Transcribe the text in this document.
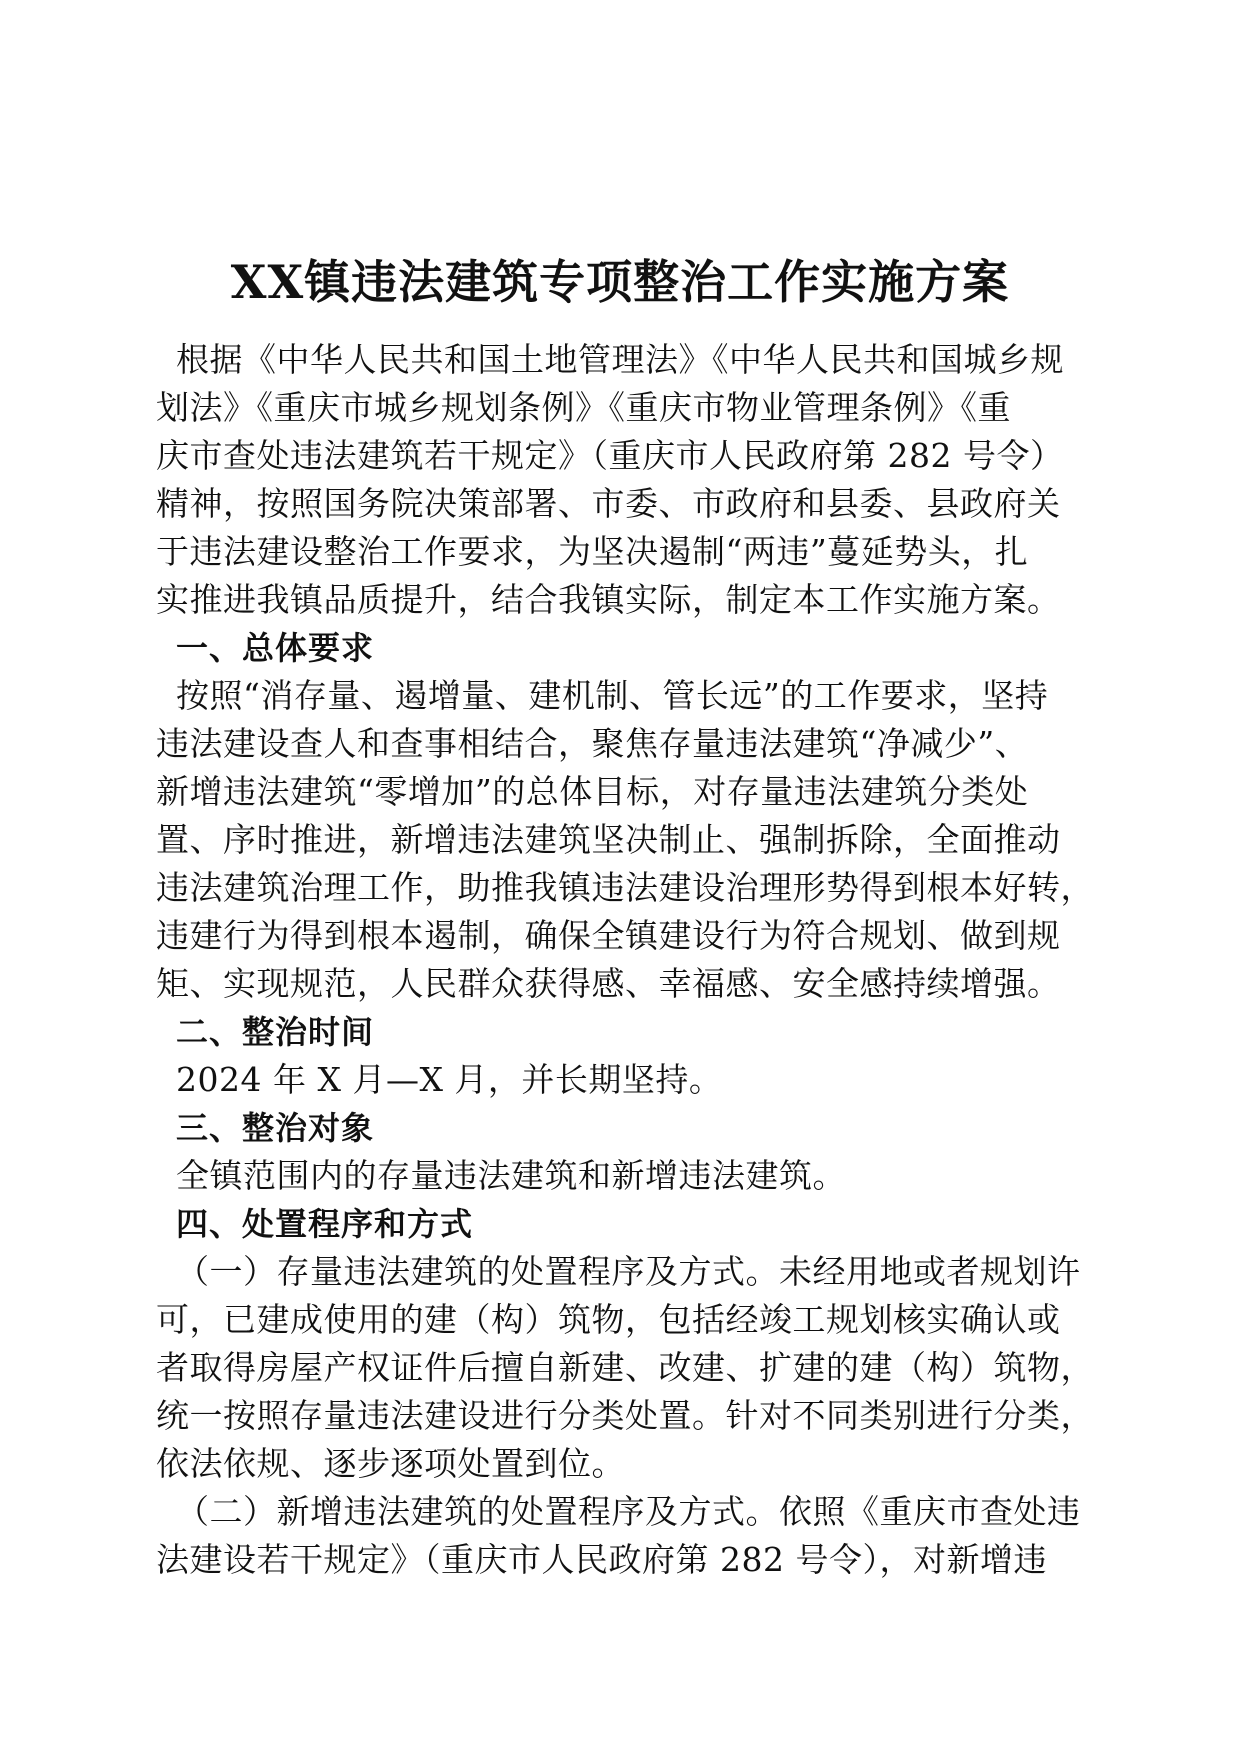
XX镇违法建筑专项整治工作实施方案
根据《中华人民共和国土地管理法》《中华人民共和国城乡规
划法》《重庆市城乡规划条例》《重庆市物业管理条例》《重
庆市查处违法建筑若干规定》（重庆市人民政府第 282 号令）
精神，按照国务院决策部署、市委、市政府和县委、县政府关
于违法建设整治工作要求，为坚决遏制“两违”蔓延势头，扎
实推进我镇品质提升，结合我镇实际，制定本工作实施方案。
一、总体要求
按照“消存量、遏增量、建机制、管长远”的工作要求，坚持
违法建设查人和查事相结合，聚焦存量违法建筑“净减少”、
新增违法建筑“零增加”的总体目标，对存量违法建筑分类处
置、序时推进，新增违法建筑坚决制止、强制拆除，全面推动
违法建筑治理工作，助推我镇违法建设治理形势得到根本好转，
违建行为得到根本遏制，确保全镇建设行为符合规划、做到规
矩、实现规范，人民群众获得感、幸福感、安全感持续增强。
二、整治时间
2024 年 X 月—X 月，并长期坚持。
三、整治对象
全镇范围内的存量违法建筑和新增违法建筑。
四、处置程序和方式
（一）存量违法建筑的处置程序及方式。未经用地或者规划许
可，已建成使用的建（构）筑物，包括经竣工规划核实确认或
者取得房屋产权证件后擅自新建、改建、扩建的建（构）筑物，
统一按照存量违法建设进行分类处置。针对不同类别进行分类，
依法依规、逐步逐项处置到位。
（二）新增违法建筑的处置程序及方式。依照《重庆市查处违
法建设若干规定》（重庆市人民政府第 282 号令），对新增违
